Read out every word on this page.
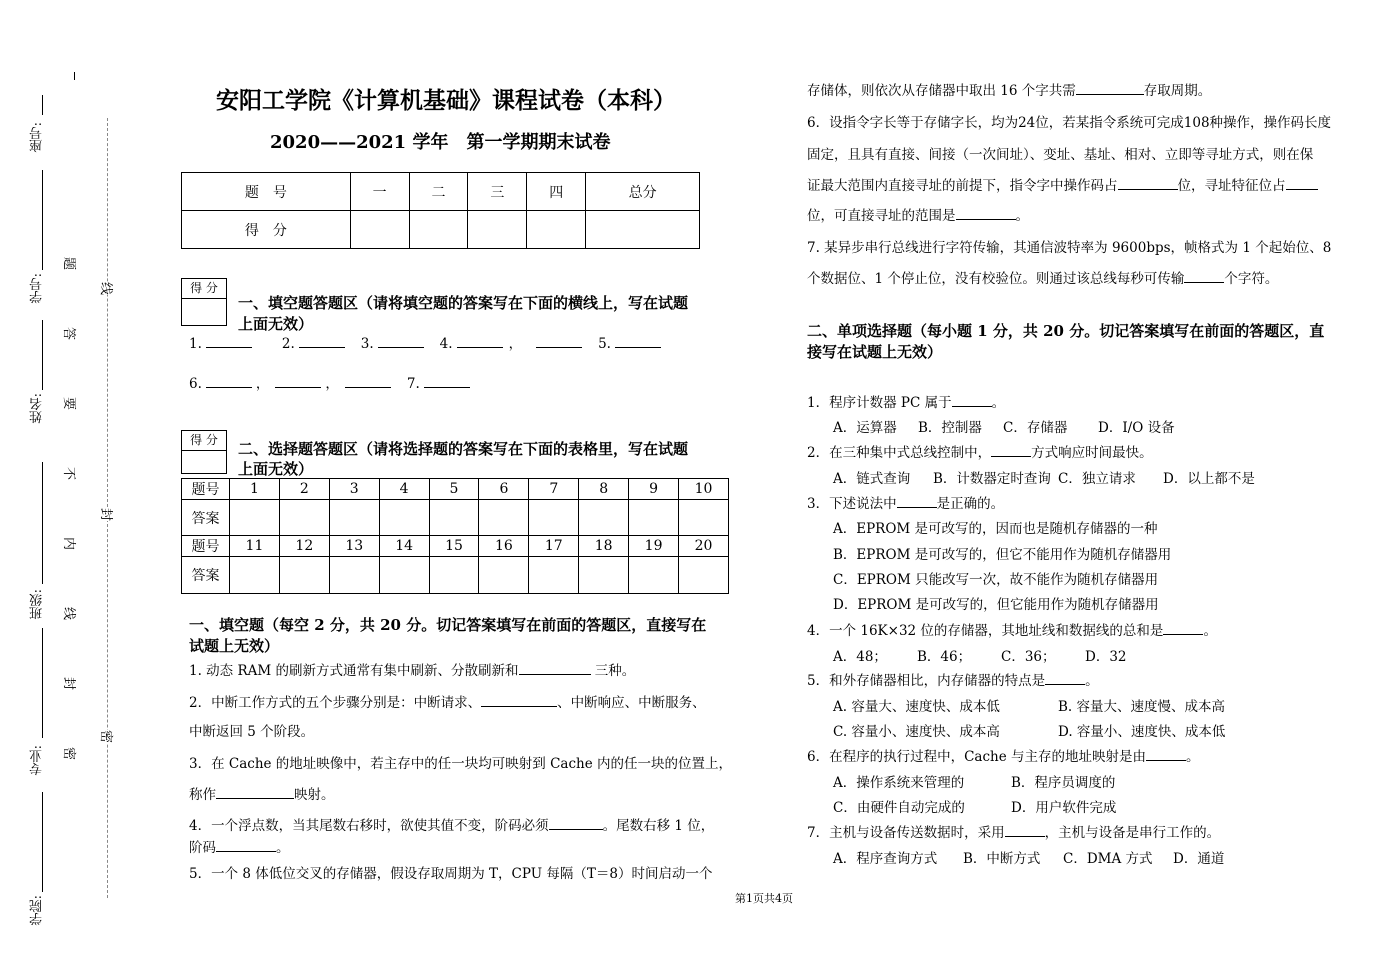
座号:
学号:
姓名:
班级:
专业:
学院:
题
答
要
不
内
线
封
密
线
封
密
安阳工学院《计算机基础》课程试卷（本科）
2020——2021 学年　第一学期期末试卷
题　号	一	二	三	四	总分
得　分					
得 分
一、填空题答题区（请将填空题的答案写在下面的横线上，写在试题
上面无效）
1.	2.	3.	4.	，	5.
6.	，	，	7.
得 分	二、选择题答题区（请将选择题的答案写在下面的表格里，写在试题
上面无效）
题号	1	2	3	4	5	6	7	8	9	10
答案										
题号	11	12	13	14	15	16	17	18	19	20
答案										
一、填空题（每空 2 分，共 20 分。切记答案填写在前面的答题区，直接写在
试题上无效）
1. 动态 RAM 的刷新方式通常有集中刷新、分散刷新和	三种。
2．中断工作方式的五个步骤分别是：中断请求、	、中断响应、中断服务、
中断返回 5 个阶段。
3．在 Cache 的地址映像中，若主存中的任一块均可映射到 Cache 内的任一块的位置上，
称作	映射。
4．一个浮点数，当其尾数右移时，欲使其值不变，阶码必须	。尾数右移 1 位，
阶码	。
5．一个 8 体低位交叉的存储器，假设存取周期为 T，CPU 每隔（T＝8）时间启动一个
第1页共4页
存储体，则依次从存储器中取出 16 个字共需	存取周期。
6．设指令字长等于存储字长，均为24位，若某指令系统可完成108种操作，操作码长度
固定，且具有直接、间接（一次间址）、变址、基址、相对、立即等寻址方式，则在保
证最大范围内直接寻址的前提下，指令字中操作码占	位，寻址特征位占
位，可直接寻址的范围是	。
7. 某异步串行总线进行字符传输，其通信波特率为 9600bps，帧格式为 1 个起始位、8
个数据位、1 个停止位，没有校验位。则通过该总线每秒可传输	个字符。
二、单项选择题（每小题 1 分，共 20 分。切记答案填写在前面的答题区，直
接写在试题上无效）
1．程序计数器 PC 属于	。
A．运算器 B．控制器 C．存储器 D．I/O 设备
2．在三种集中式总线控制中，	方式响应时间最快。
A．链式查询 B．计数器定时查询 C．独立请求 D．以上都不是
3．下述说法中	是正确的。
A．EPROM 是可改写的，因而也是随机存储器的一种
B．EPROM 是可改写的，但它不能用作为随机存储器用
C．EPROM 只能改写一次，故不能作为随机存储器用
D．EPROM 是可改写的，但它能用作为随机存储器用
4．一个 16K×32 位的存储器，其地址线和数据线的总和是	。
A．48； B．46； C．36； D．32
5．和外存储器相比，内存储器的特点是	。
A. 容量大、速度快、成本低	B. 容量大、速度慢、成本高
C. 容量小、速度快、成本高	D. 容量小、速度快、成本低
6．在程序的执行过程中，Cache 与主存的地址映射是由	。
A．操作系统来管理的	B．程序员调度的
C．由硬件自动完成的	D．用户软件完成
7．主机与设备传送数据时，采用	，主机与设备是串行工作的。
A．程序查询方式 B．中断方式 C．DMA 方式 D．通道
